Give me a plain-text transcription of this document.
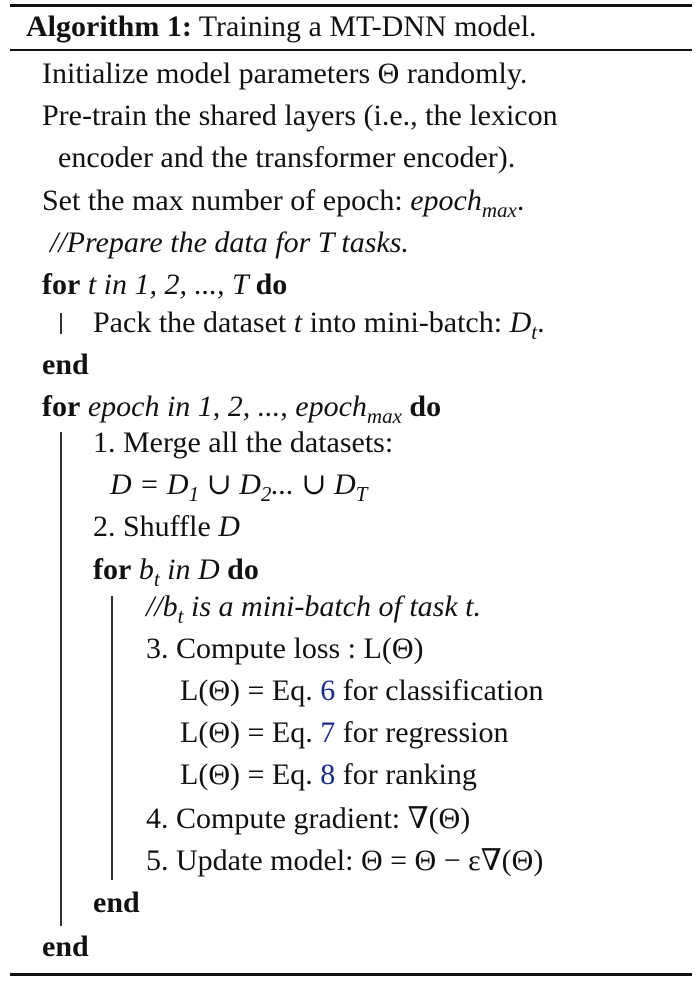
Algorithm 1: Training a MT-DNN model.
Initialize model parameters Θ randomly.
Pre-train the shared layers (i.e., the lexicon
encoder and the transformer encoder).
Set the max number of epoch: epoch$_{max}$.
//Prepare the data for T tasks.
for t in 1, 2, ..., T do
Pack the dataset t into mini-batch: $D_t$.
end
for epoch in 1, 2, ..., epoch$_{max}$ do
1. Merge all the datasets:
$D = D_1$ ∪ $D_2$... ∪ $D_T$
2. Shuffle D
for $b_t$ in D do
$//b_t$ is a mini-batch of task t.
3. Compute loss : L(Θ)
L(Θ) = Eq. 6 for classification
L(Θ) = Eq. 7 for regression
L(Θ) = Eq. 8 for ranking
4. Compute gradient: ∇(Θ)
5. Update model: Θ = Θ − ε∇(Θ)
end
end
